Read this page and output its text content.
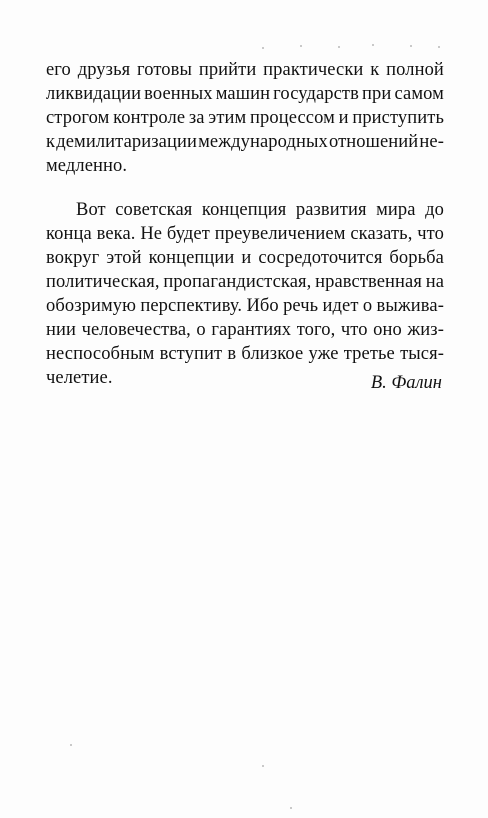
его друзья готовы прийти практически к полной
ликвидации военных машин государств при самом
строгом контроле за этим процессом и приступить
к демилитаризации международных отношений не-
медленно.
Вот советская концепция развития мира до
конца века. Не будет преувеличением сказать, что
вокруг этой концепции и сосредоточится борьба
политическая, пропагандистская, нравственная на
обозримую перспективу. Ибо речь идет о выжива-
нии человечества, о гарантиях того, что оно жиз-
неспособным вступит в близкое уже третье тыся-
челетие.	В. Фалин
